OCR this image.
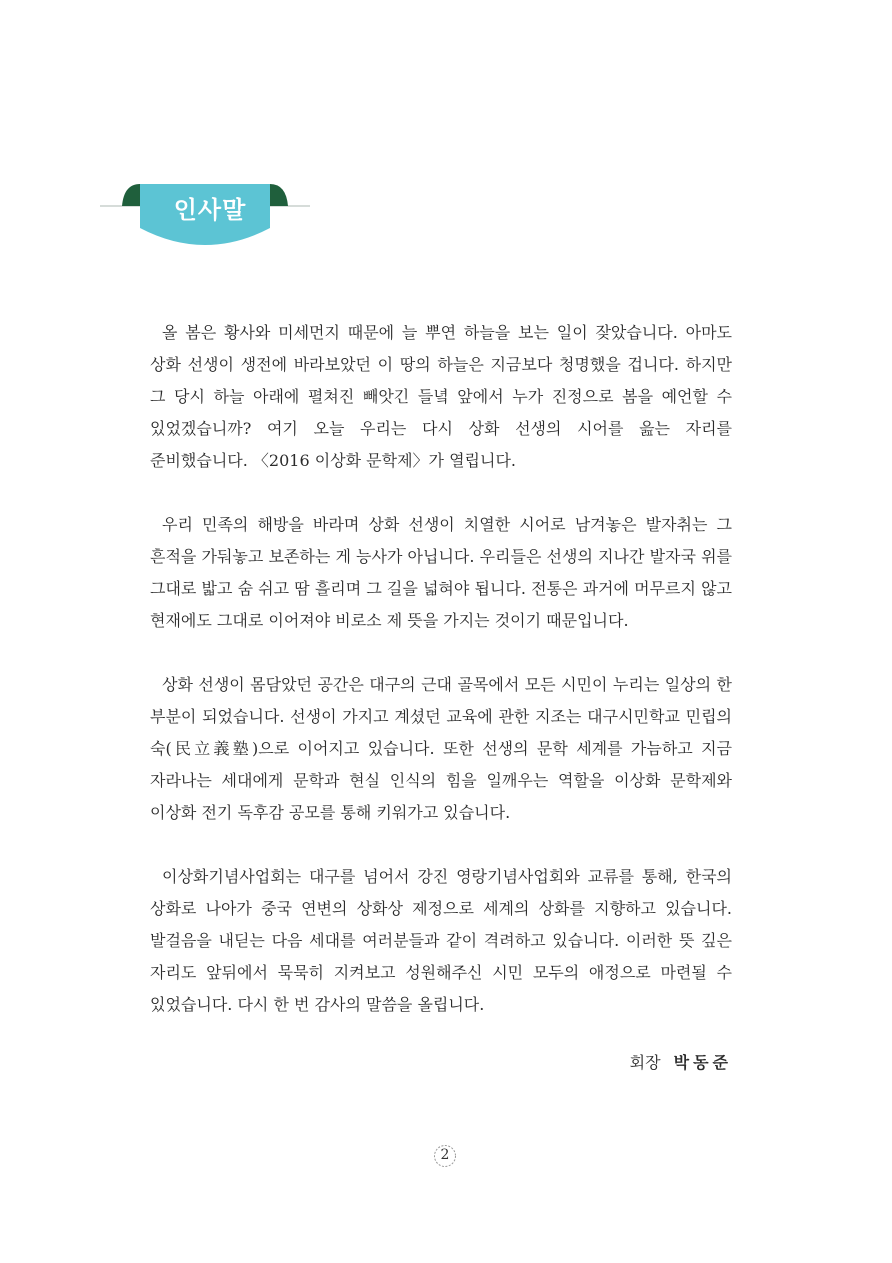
인사말

올 봄은 황사와 미세먼지 때문에 늘 뿌연 하늘을 보는 일이 잦았습니다. 아마도 상화 선생이 생전에 바라보았던 이 땅의 하늘은 지금보다 청명했을 겁니다. 하지만 그 당시 하늘 아래에 펼쳐진 빼앗긴 들녘 앞에서 누가 진정으로 봄을 예언할 수 있었겠습니까? 여기 오늘 우리는 다시 상화 선생의 시어를 읊는 자리를 준비했습니다. 〈2016 이상화 문학제〉가 열립니다.

우리 민족의 해방을 바라며 상화 선생이 치열한 시어로 남겨놓은 발자취는 그 흔적을 가둬놓고 보존하는 게 능사가 아닙니다. 우리들은 선생의 지나간 발자국 위를 그대로 밟고 숨 쉬고 땀 흘리며 그 길을 넓혀야 됩니다. 전통은 과거에 머무르지 않고 현재에도 그대로 이어져야 비로소 제 뜻을 가지는 것이기 때문입니다.

상화 선생이 몸담았던 공간은 대구의 근대 골목에서 모든 시민이 누리는 일상의 한 부분이 되었습니다. 선생이 가지고 계셨던 교육에 관한 지조는 대구시민학교 민립의 숙(民立義塾)으로 이어지고 있습니다. 또한 선생의 문학 세계를 가늠하고 지금 자라나는 세대에게 문학과 현실 인식의 힘을 일깨우는 역할을 이상화 문학제와 이상화 전기 독후감 공모를 통해 키워가고 있습니다.

이상화기념사업회는 대구를 넘어서 강진 영랑기념사업회와 교류를 통해, 한국의 상화로 나아가 중국 연변의 상화상 제정으로 세계의 상화를 지향하고 있습니다. 발걸음을 내딛는 다음 세대를 여러분들과 같이 격려하고 있습니다. 이러한 뜻 깊은 자리도 앞뒤에서 묵묵히 지켜보고 성원해주신 시민 모두의 애정으로 마련될 수 있었습니다. 다시 한 번 감사의 말씀을 올립니다.

회장 박동준
2
